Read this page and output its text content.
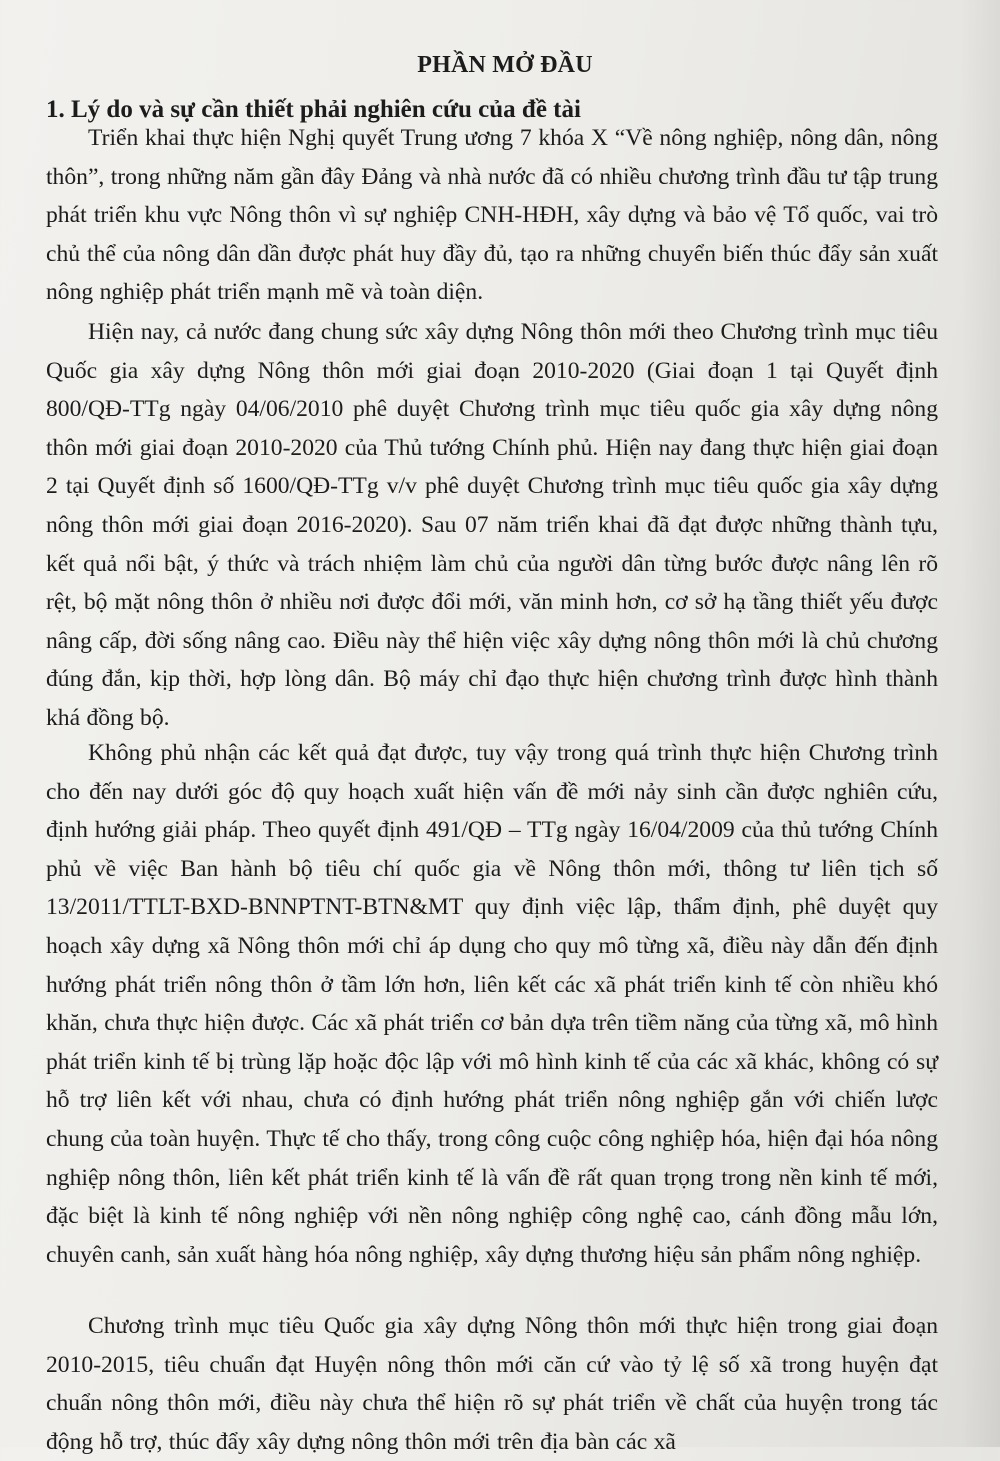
PHẦN MỞ ĐẦU
1. Lý do và sự cần thiết phải nghiên cứu của đề tài

Triển khai thực hiện Nghị quyết Trung ương 7 khóa X “Về nông nghiệp, nông dân, nông thôn”, trong những năm gần đây Đảng và nhà nước đã có nhiều chương trình đầu tư tập trung phát triển khu vực Nông thôn vì sự nghiệp CNH-HĐH, xây dựng và bảo vệ Tổ quốc, vai trò chủ thể của nông dân dần được phát huy đầy đủ, tạo ra những chuyển biến thúc đẩy sản xuất nông nghiệp phát triển mạnh mẽ và toàn diện.

Hiện nay, cả nước đang chung sức xây dựng Nông thôn mới theo Chương trình mục tiêu Quốc gia xây dựng Nông thôn mới giai đoạn 2010-2020 (Giai đoạn 1 tại Quyết định 800/QĐ-TTg ngày 04/06/2010 phê duyệt Chương trình mục tiêu quốc gia xây dựng nông thôn mới giai đoạn 2010-2020 của Thủ tướng Chính phủ. Hiện nay đang thực hiện giai đoạn 2 tại Quyết định số 1600/QĐ-TTg v/v phê duyệt Chương trình mục tiêu quốc gia xây dựng nông thôn mới giai đoạn 2016-2020). Sau 07 năm triển khai đã đạt được những thành tựu, kết quả nổi bật, ý thức và trách nhiệm làm chủ của người dân từng bước được nâng lên rõ rệt, bộ mặt nông thôn ở nhiều nơi được đổi mới, văn minh hơn, cơ sở hạ tầng thiết yếu được nâng cấp, đời sống nâng cao. Điều này thể hiện việc xây dựng nông thôn mới là chủ chương đúng đắn, kịp thời, hợp lòng dân. Bộ máy chỉ đạo thực hiện chương trình được hình thành khá đồng bộ.

Không phủ nhận các kết quả đạt được, tuy vậy trong quá trình thực hiện Chương trình cho đến nay dưới góc độ quy hoạch xuất hiện vấn đề mới nảy sinh cần được nghiên cứu, định hướng giải pháp. Theo quyết định 491/QĐ – TTg ngày 16/04/2009 của thủ tướng Chính phủ về việc Ban hành bộ tiêu chí quốc gia về Nông thôn mới, thông tư liên tịch số 13/2011/TTLT-BXD-BNNPTNT-BTN&MT quy định việc lập, thẩm định, phê duyệt quy hoạch xây dựng xã Nông thôn mới chỉ áp dụng cho quy mô từng xã, điều này dẫn đến định hướng phát triển nông thôn ở tầm lớn hơn, liên kết các xã phát triển kinh tế còn nhiều khó khăn, chưa thực hiện được. Các xã phát triển cơ bản dựa trên tiềm năng của từng xã, mô hình phát triển kinh tế bị trùng lặp hoặc độc lập với mô hình kinh tế của các xã khác, không có sự hỗ trợ liên kết với nhau, chưa có định hướng phát triển nông nghiệp gắn với chiến lược chung của toàn huyện. Thực tế cho thấy, trong công cuộc công nghiệp hóa, hiện đại hóa nông nghiệp nông thôn, liên kết phát triển kinh tế là vấn đề rất quan trọng trong nền kinh tế mới, đặc biệt là kinh tế nông nghiệp với nền nông nghiệp công nghệ cao, cánh đồng mẫu lớn, chuyên canh, sản xuất hàng hóa nông nghiệp, xây dựng thương hiệu sản phẩm nông nghiệp.

Chương trình mục tiêu Quốc gia xây dựng Nông thôn mới thực hiện trong giai đoạn 2010-2015, tiêu chuẩn đạt Huyện nông thôn mới căn cứ vào tỷ lệ số xã trong huyện đạt chuẩn nông thôn mới, điều này chưa thể hiện rõ sự phát triển về chất của huyện trong tác động hỗ trợ, thúc đẩy xây dựng nông thôn mới trên địa bàn các xã
